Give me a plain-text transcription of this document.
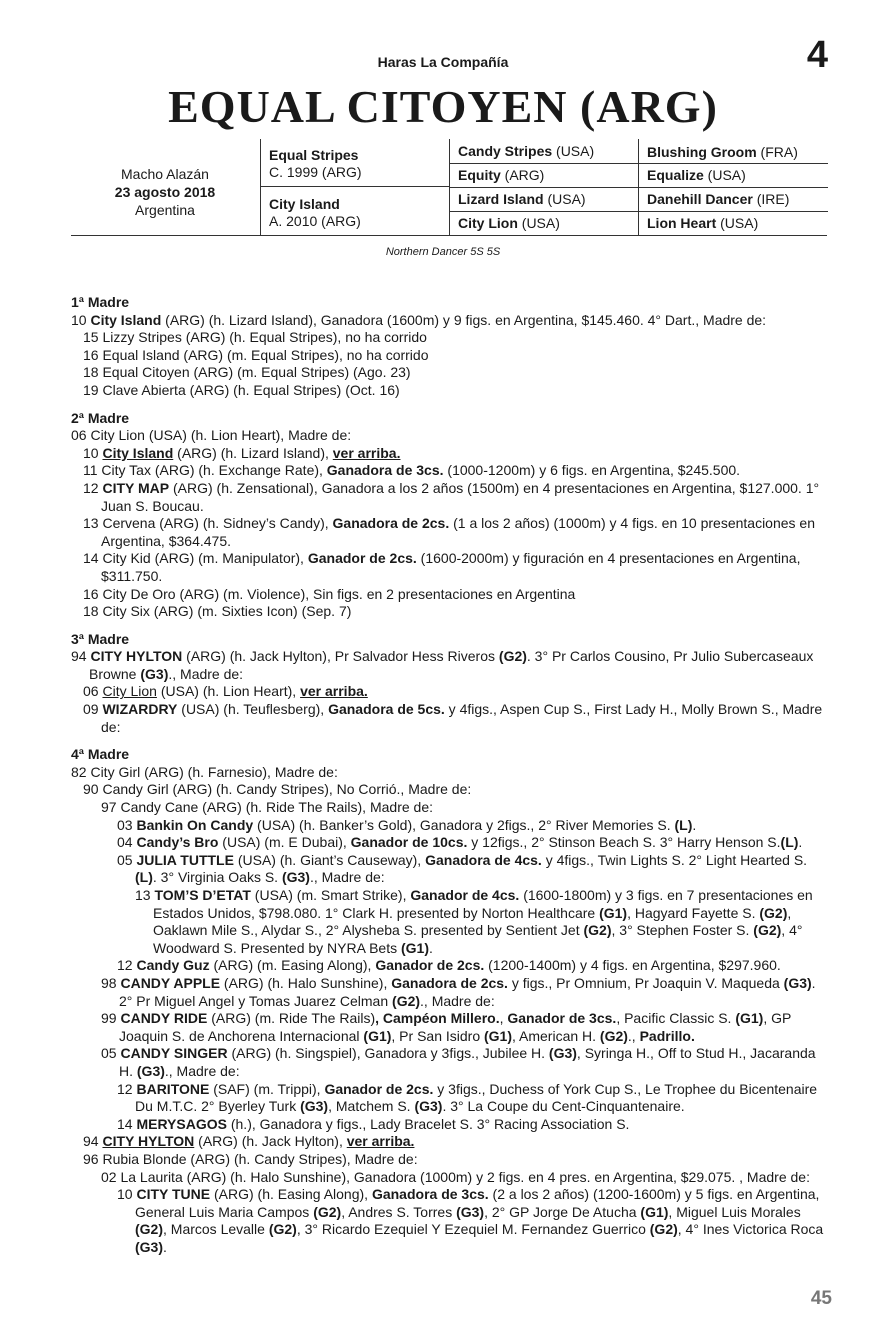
Haras La Compañía	4
EQUAL CITOYEN (ARG)
Macho Alazán
23 agosto 2018
Argentina
Equal Stripes
C. 1999 (ARG)
City Island
A. 2010 (ARG)
Candy Stripes (USA)
Equity (ARG)
Lizard Island (USA)
City Lion (USA)
Blushing Groom (FRA)
Equalize (USA)
Danehill Dancer (IRE)
Lion Heart (USA)
Northern Dancer 5S 5S
1ª Madre
10 City Island (ARG) (h. Lizard Island), Ganadora (1600m) y 9 figs. en Argentina, $145.460. 4° Dart., Madre de:
15 Lizzy Stripes (ARG) (h. Equal Stripes), no ha corrido
16 Equal Island (ARG) (m. Equal Stripes), no ha corrido
18 Equal Citoyen (ARG) (m. Equal Stripes) (Ago. 23)
19 Clave Abierta (ARG) (h. Equal Stripes) (Oct. 16)
2ª Madre
06 City Lion (USA) (h. Lion Heart), Madre de:
10 City Island (ARG) (h. Lizard Island), ver arriba.
11 City Tax (ARG) (h. Exchange Rate), Ganadora de 3cs. (1000-1200m) y 6 figs. en Argentina, $245.500.
12 CITY MAP (ARG) (h. Zensational), Ganadora a los 2 años (1500m) en 4 presentaciones en Argentina, $127.000. 1° Juan S. Boucau.
13 Cervena (ARG) (h. Sidney’s Candy), Ganadora de 2cs. (1 a los 2 años) (1000m) y 4 figs. en 10 presentaciones en Argentina, $364.475.
14 City Kid (ARG) (m. Manipulator), Ganador de 2cs. (1600-2000m) y figuración en 4 presentaciones en Argentina, $311.750.
16 City De Oro (ARG) (m. Violence), Sin figs. en 2 presentaciones en Argentina
18 City Six (ARG) (m. Sixties Icon) (Sep. 7)
3ª Madre
94 CITY HYLTON (ARG) (h. Jack Hylton), Pr Salvador Hess Riveros (G2). 3° Pr Carlos Cousino, Pr Julio Subercaseaux Browne (G3)., Madre de:
06 City Lion (USA) (h. Lion Heart), ver arriba.
09 WIZARDRY (USA) (h. Teuflesberg), Ganadora de 5cs. y 4figs., Aspen Cup S., First Lady H., Molly Brown S., Madre de:
4ª Madre
82 City Girl (ARG) (h. Farnesio), Madre de:
90 Candy Girl (ARG) (h. Candy Stripes), No Corrió., Madre de:
97 Candy Cane (ARG) (h. Ride The Rails), Madre de:
03 Bankin On Candy (USA) (h. Banker’s Gold), Ganadora y 2figs., 2° River Memories S. (L).
04 Candy’s Bro (USA) (m. E Dubai), Ganador de 10cs. y 12figs., 2° Stinson Beach S. 3° Harry Henson S.(L).
05 JULIA TUTTLE (USA) (h. Giant’s Causeway), Ganadora de 4cs. y 4figs., Twin Lights S. 2° Light Hearted S. (L). 3° Virginia Oaks S. (G3)., Madre de:
13 TOM’S D’ETAT (USA) (m. Smart Strike), Ganador de 4cs. (1600-1800m) y 3 figs. en 7 presentaciones en Estados Unidos, $798.080. 1° Clark H. presented by Norton Healthcare (G1), Hagyard Fayette S. (G2), Oaklawn Mile S., Alydar S., 2° Alysheba S. presented by Sentient Jet (G2), 3° Stephen Foster S. (G2), 4° Woodward S. Presented by NYRA Bets (G1).
12 Candy Guz (ARG) (m. Easing Along), Ganador de 2cs. (1200-1400m) y 4 figs. en Argentina, $297.960.
98 CANDY APPLE (ARG) (h. Halo Sunshine), Ganadora de 2cs. y figs., Pr Omnium, Pr Joaquin V. Maqueda (G3). 2° Pr Miguel Angel y Tomas Juarez Celman (G2)., Madre de:
99 CANDY RIDE (ARG) (m. Ride The Rails), Campéon Millero., Ganador de 3cs., Pacific Classic S. (G1), GP Joaquin S. de Anchorena Internacional (G1), Pr San Isidro (G1), American H. (G2)., Padrillo.
05 CANDY SINGER (ARG) (h. Singspiel), Ganadora y 3figs., Jubilee H. (G3), Syringa H., Off to Stud H., Jacaranda H. (G3)., Madre de:
12 BARITONE (SAF) (m. Trippi), Ganador de 2cs. y 3figs., Duchess of York Cup S., Le Trophee du Bicentenaire Du M.T.C. 2° Byerley Turk (G3), Matchem S. (G3). 3° La Coupe du Cent-Cinquantenaire.
14 MERYSAGOS (h.), Ganadora y figs., Lady Bracelet S. 3° Racing Association S.
94 CITY HYLTON (ARG) (h. Jack Hylton), ver arriba.
96 Rubia Blonde (ARG) (h. Candy Stripes), Madre de:
02 La Laurita (ARG) (h. Halo Sunshine), Ganadora (1000m) y 2 figs. en 4 pres. en Argentina, $29.075. , Madre de:
10 CITY TUNE (ARG) (h. Easing Along), Ganadora de 3cs. (2 a los 2 años) (1200-1600m) y 5 figs. en Argentina, General Luis Maria Campos (G2), Andres S. Torres (G3), 2° GP Jorge De Atucha (G1), Miguel Luis Morales (G2), Marcos Levalle (G2), 3° Ricardo Ezequiel Y Ezequiel M. Fernandez Guerrico (G2), 4° Ines Victorica Roca (G3).
45
